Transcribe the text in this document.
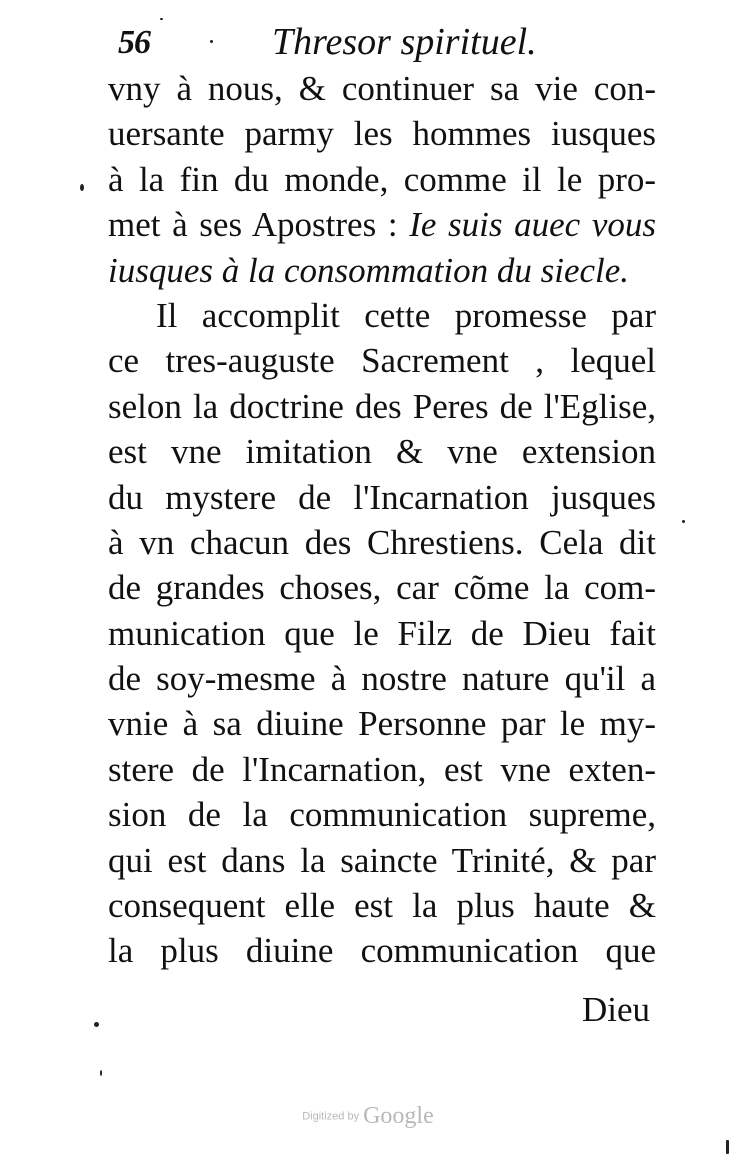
56	Thresor spirituel.
vny à nous, & continuer sa vie con-
uersante parmy les hommes iusques
à la fin du monde, comme il le pro-
met à ses Apostres : Ie suis auec vous
iusques à la consommation du siecle.
Il accomplit cette promesse par
ce tres-auguste Sacrement , lequel
selon la doctrine des Peres de l'Eglise,
est vne imitation & vne extension
du mystere de l'Incarnation jusques
à vn chacun des Chrestiens. Cela dit
de grandes choses, car cõme la com-
munication que le Filz de Dieu fait
de soy-mesme à nostre nature qu'il a
vnie à sa diuine Personne par le my-
stere de l'Incarnation, est vne exten-
sion de la communication supreme,
qui est dans la saincte Trinité, & par
consequent elle est la plus haute &
la plus diuine communication que
Dieu
Digitized by Google
